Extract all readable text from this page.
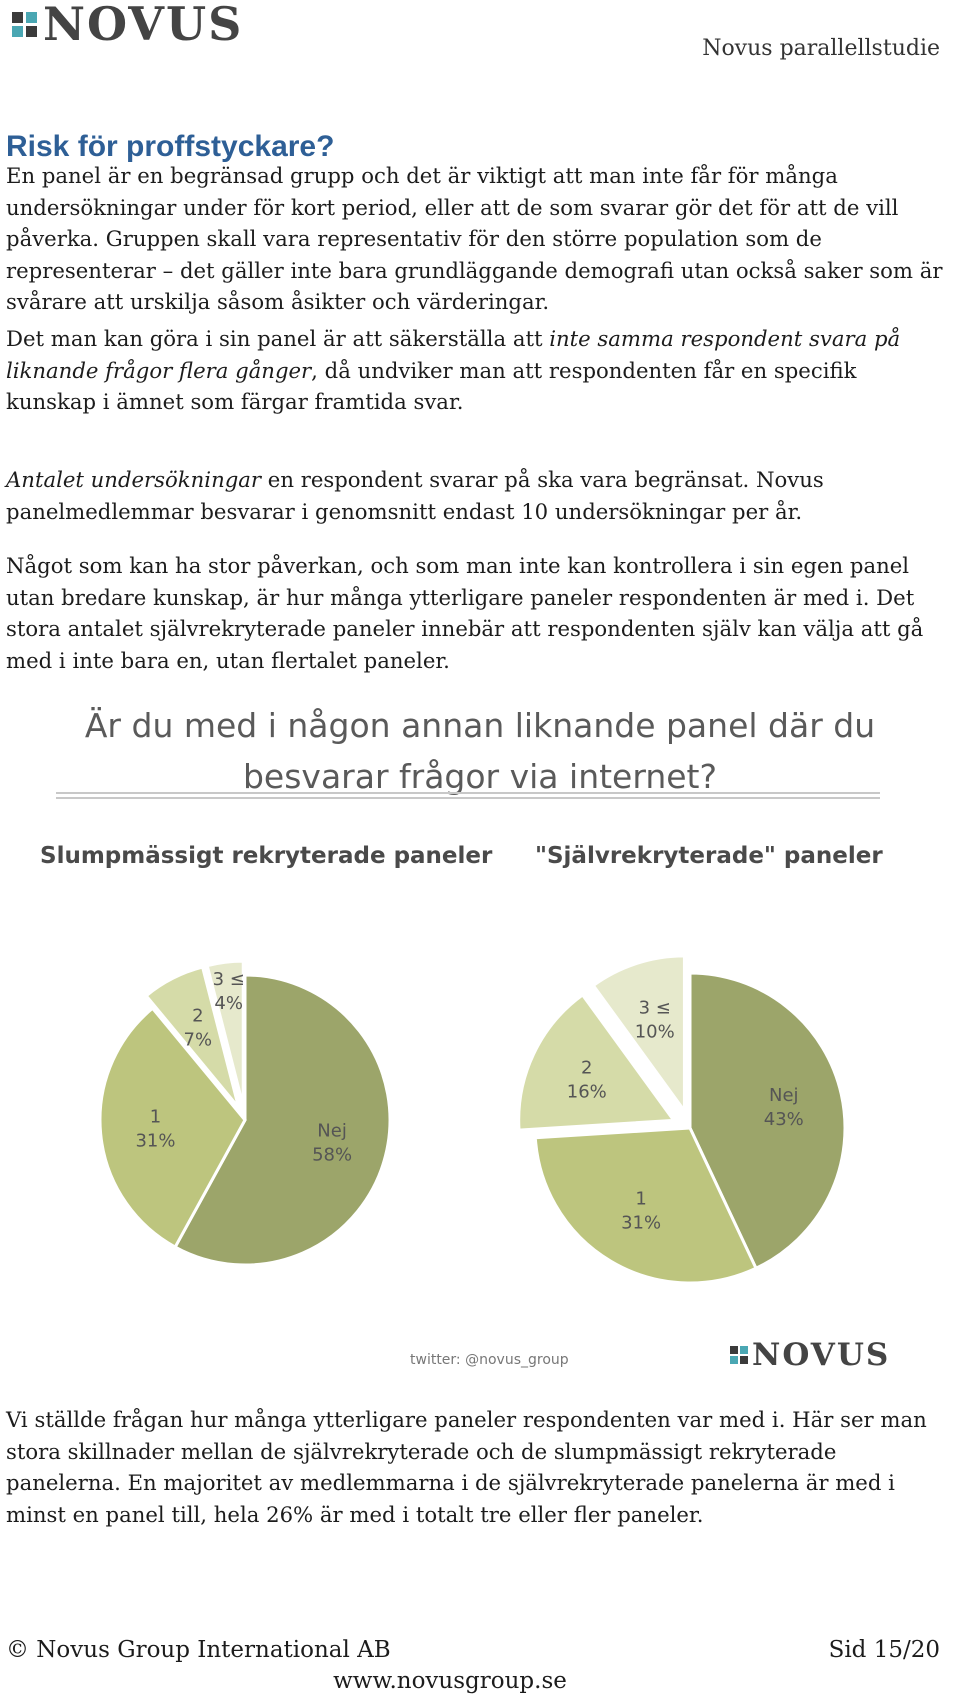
NOVUS	Novus parallellstudie
Risk för proffstyckare?

En panel är en begränsad grupp och det är viktigt att man inte får för många undersökningar under för kort period, eller att de som svarar gör det för att de vill påverka. Gruppen skall vara representativ för den större population som de representerar – det gäller inte bara grundläggande demografi utan också saker som är svårare att urskilja såsom åsikter och värderingar.

Det man kan göra i sin panel är att säkerställa att inte samma respondent svara på liknande frågor flera gånger, då undviker man att respondenten får en specifik kunskap i ämnet som färgar framtida svar.

Antalet undersökningar en respondent svarar på ska vara begränsat. Novus panelmedlemmar besvarar i genomsnitt endast 10 undersökningar per år.

Något som kan ha stor påverkan, och som man inte kan kontrollera i sin egen panel utan bredare kunskap, är hur många ytterligare paneler respondenten är med i. Det stora antalet självrekryterade paneler innebär att respondenten själv kan välja att gå med i inte bara en, utan flertalet paneler.

Är du med i någon annan liknande panel där du besvarar frågor via internet?
Slumpmässigt rekryterade paneler "Självrekryterade" paneler
Nej
58%
1
31%
2
7%
3 ≤
4%
Nej
43%
1
31%
2
16%
3 ≤
10%
twitter: @novus_group	NOVUS

Vi ställde frågan hur många ytterligare paneler respondenten var med i. Här ser man stora skillnader mellan de självrekryterade och de slumpmässigt rekryterade panelerna. En majoritet av medlemmarna i de självrekryterade panelerna är med i minst en panel till, hela 26% är med i totalt tre eller fler paneler.

© Novus Group International AB	Sid 15/20
www.novusgroup.se
